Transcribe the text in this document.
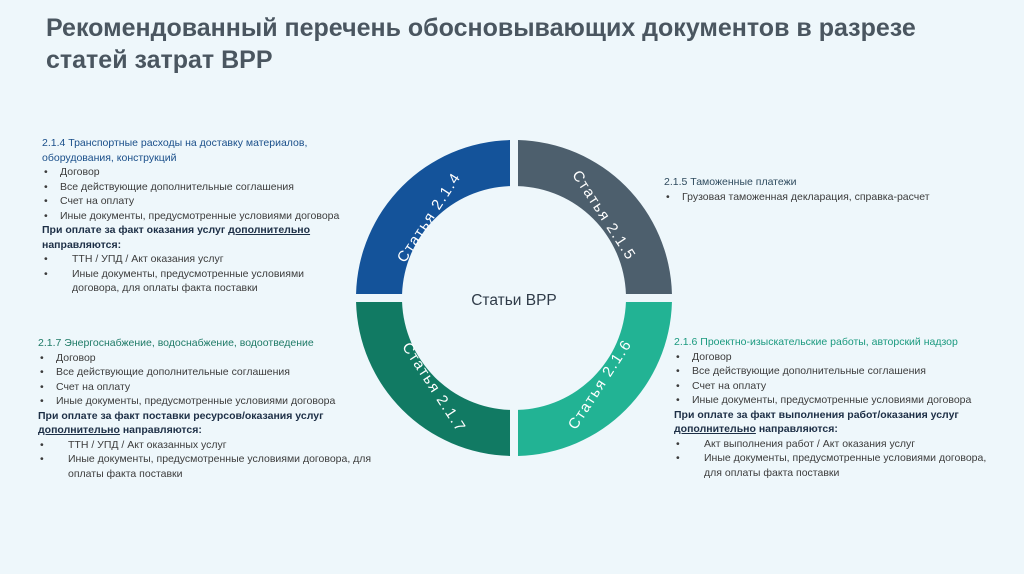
Рекомендованный перечень обосновывающих документов в разрезе статей затрат ВРР
Статья 2.1.4	Статья 2.1.5
Статья 2.1.6
Статья 2.1.7
Статьи ВРР
2.1.4 Транспортные расходы на доставку материалов,
оборудования, конструкций
• Договор
• Все действующие дополнительные соглашения
• Счет на оплату
• Иные документы, предусмотренные условиями договора
При оплате за факт оказания услуг дополнительно
направляются:
• ТТН / УПД / Акт оказания услуг
• Иные документы, предусмотренные условиями
договора, для оплаты факта поставки
2.1.5 Таможенные платежи
• Грузовая таможенная декларация, справка-расчет
2.1.7 Энергоснабжение, водоснабжение, водоотведение
• Договор
• Все действующие дополнительные соглашения
• Счет на оплату
• Иные документы, предусмотренные условиями договора
При оплате за факт поставки ресурсов/оказания услуг
дополнительно направляются:
• ТТН / УПД / Акт оказанных услуг
• Иные документы, предусмотренные условиями договора, для
оплаты факта поставки
2.1.6 Проектно-изыскательские работы, авторский надзор
• Договор
• Все действующие дополнительные соглашения
• Счет на оплату
• Иные документы, предусмотренные условиями договора
При оплате за факт выполнения работ/оказания услуг
дополнительно направляются:
• Акт выполнения работ / Акт оказания услуг
• Иные документы, предусмотренные условиями договора,
для оплаты факта поставки
